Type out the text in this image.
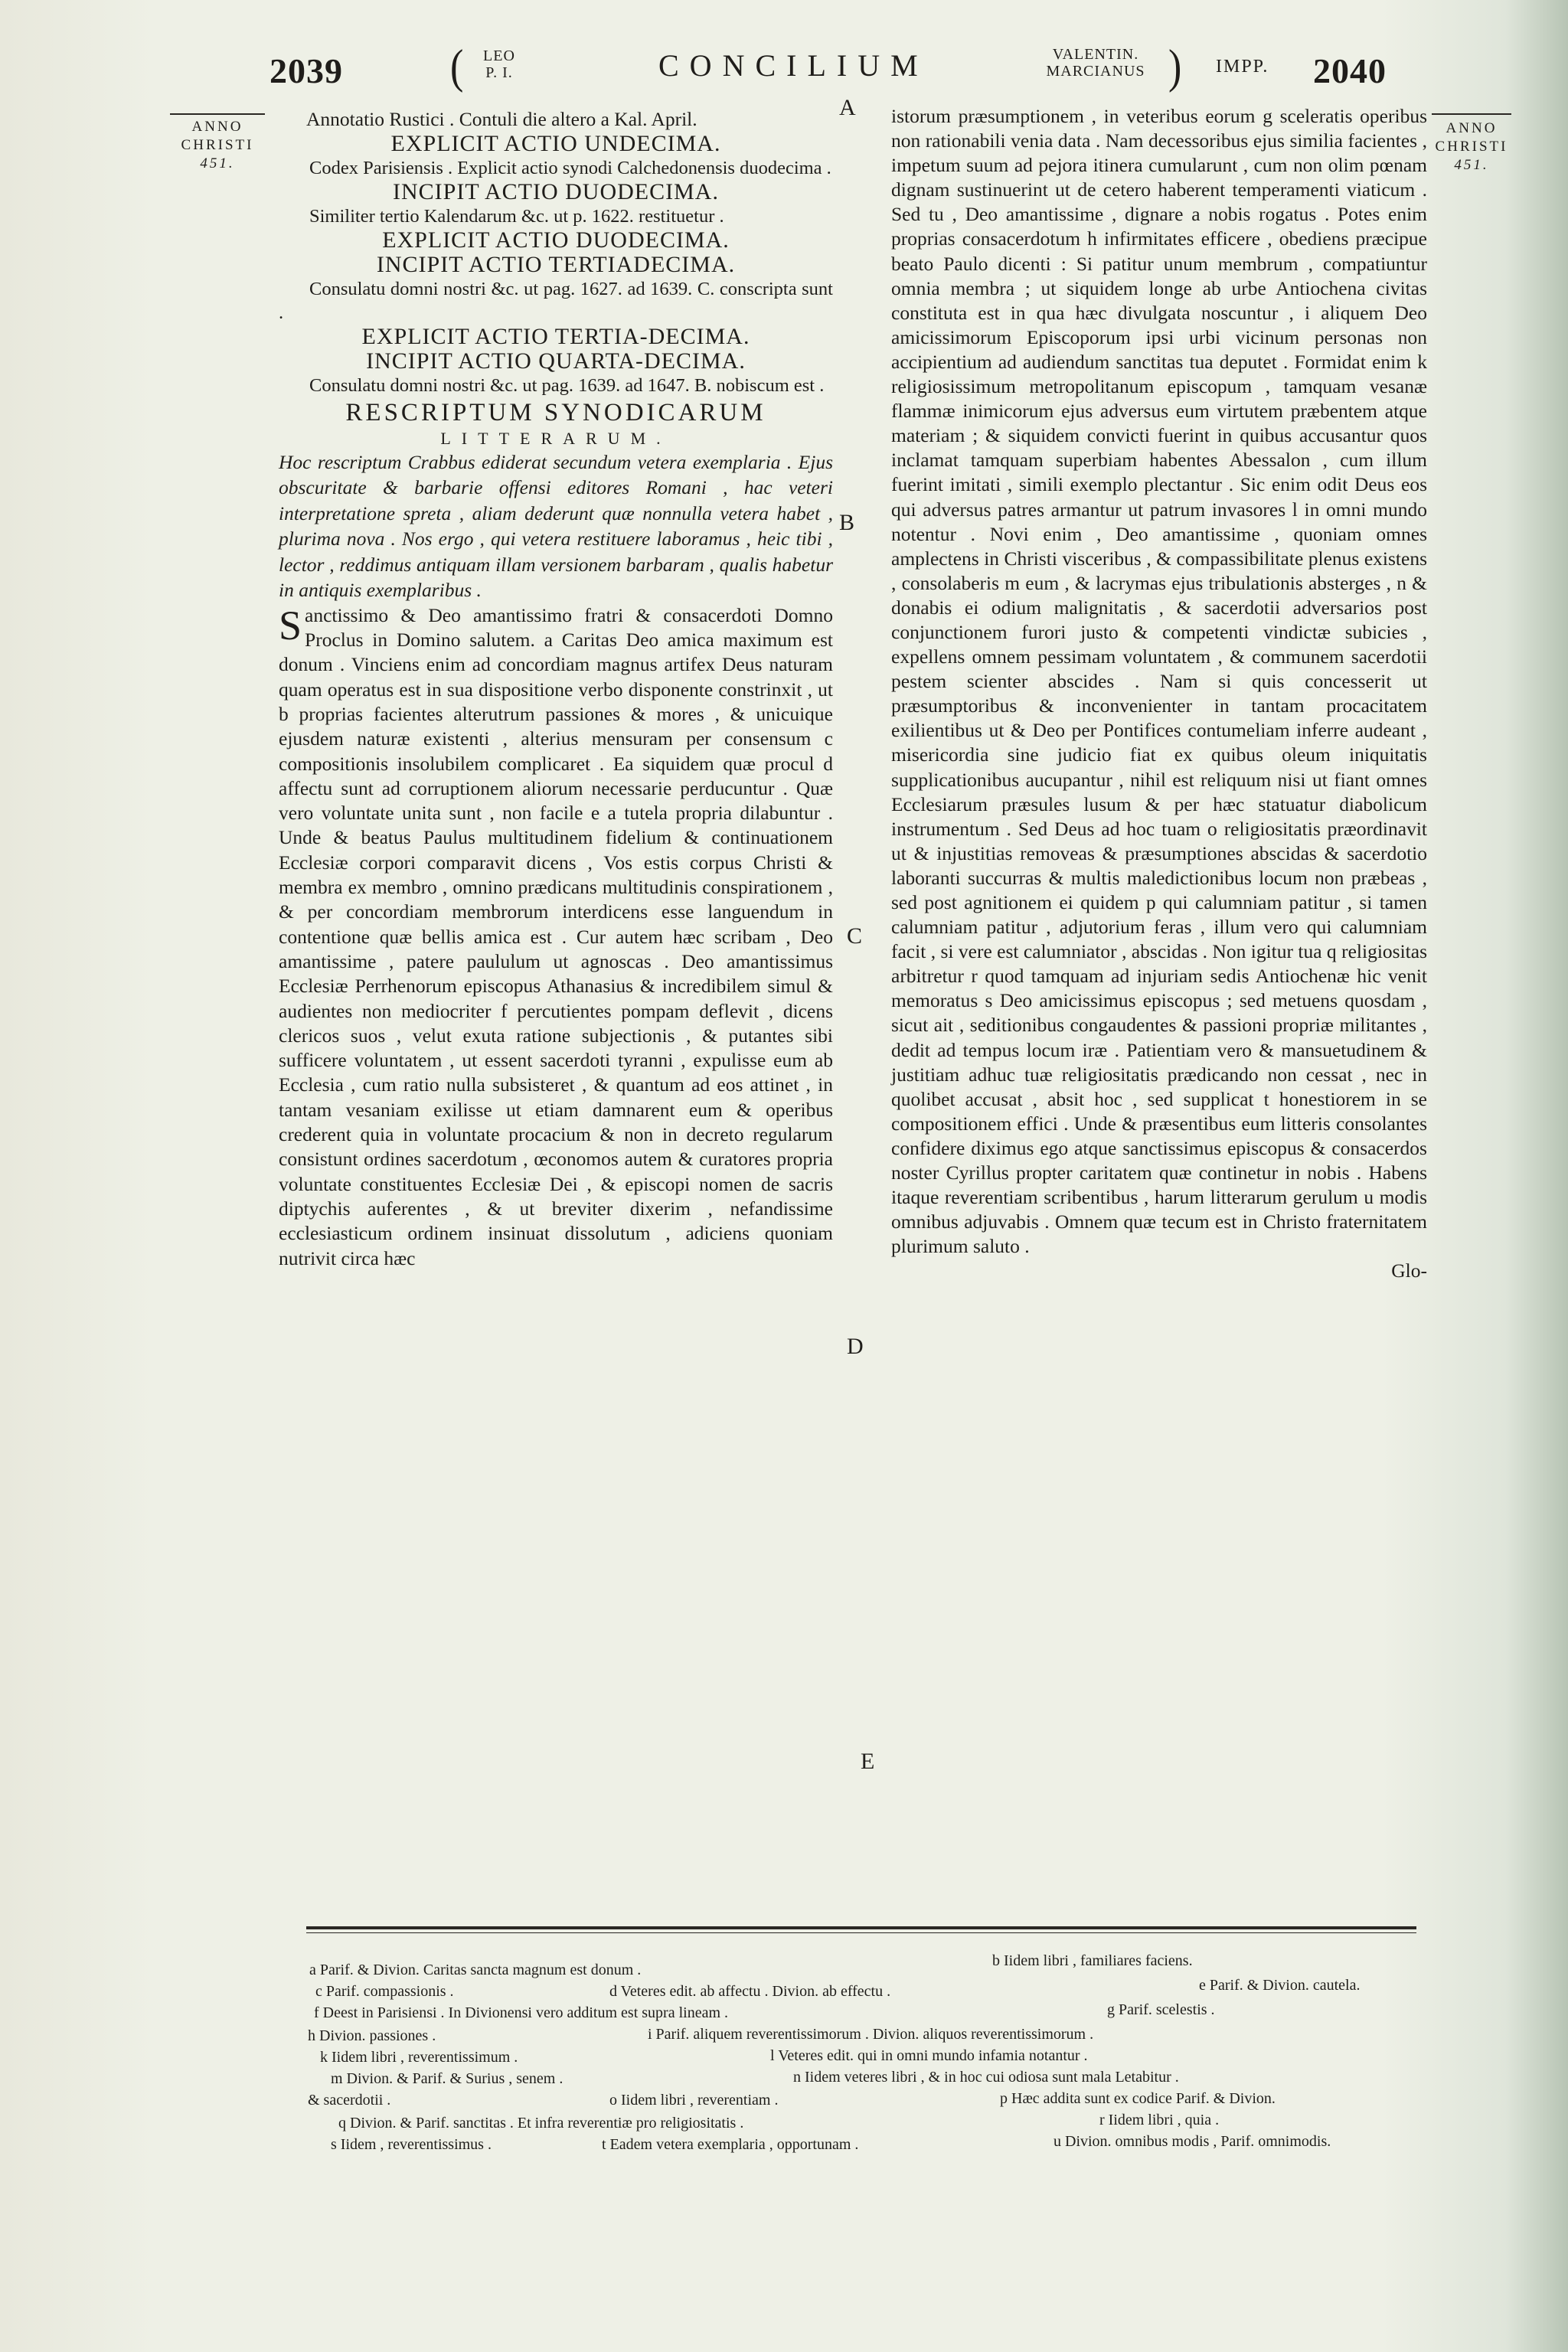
2039	LEO
P. I.
(	CONCILIUM	VALENTIN.
MARCIANUS ) IMPP. 2040
ANNO
CHRISTI
451.
ANNO
CHRISTI
451.
A
B
C
D
E

Annotatio Rustici . Contuli die altero a Kal. April.

EXPLICIT ACTIO UNDECIMA.

Codex Parisiensis . Explicit actio synodi Calchedonensis duodecima .

INCIPIT ACTIO DUODECIMA.

Similiter tertio Kalendarum &c. ut p. 1622. restituetur .

EXPLICIT ACTIO DUODECIMA.

INCIPIT ACTIO TERTIADECIMA.

Consulatu domni nostri &c. ut pag. 1627. ad 1639. C. conscripta sunt .

EXPLICIT ACTIO TERTIA-DECIMA.

INCIPIT ACTIO QUARTA-DECIMA.

Consulatu domni nostri &c. ut pag. 1639. ad 1647. B. nobiscum est .

RESCRIPTUM SYNODICARUM

LITTERARUM.

Hoc rescriptum Crabbus ediderat secundum vetera exemplaria . Ejus obscuritate & barbarie offensi editores Romani , hac veteri interpretatione spreta , aliam dederunt quæ nonnulla vetera habet , plurima nova . Nos ergo , qui vetera restituere laboramus , heic tibi , lector , reddimus antiquam illam versionem barbaram , qualis habetur in antiquis exemplaribus .

Sanctissimo & Deo amantissimo fratri & consacerdoti Domno Proclus in Domino salutem. a Caritas Deo amica maximum est donum . Vinciens enim ad concordiam magnus artifex Deus naturam quam operatus est in sua dispositione verbo disponente constrinxit , ut b proprias facientes alterutrum passiones & mores , & unicuique ejusdem naturæ existenti , alterius mensuram per consensum c compositionis insolubilem complicaret . Ea siquidem quæ procul d affectu sunt ad corruptionem aliorum necessarie perducuntur . Quæ vero voluntate unita sunt , non facile e a tutela propria dilabuntur . Unde & beatus Paulus multitudinem fidelium & continuationem Ecclesiæ corpori comparavit dicens , Vos estis corpus Christi & membra ex membro , omnino prædicans multitudinis conspirationem , & per concordiam membrorum interdicens esse languendum in contentione quæ bellis amica est . Cur autem hæc scribam , Deo amantissime , patere paululum ut agnoscas . Deo amantissimus Ecclesiæ Perrhenorum episcopus Athanasius & incredibilem simul & audientes non mediocriter f percutientes pompam deflevit , dicens clericos suos , velut exuta ratione subjectionis , & putantes sibi sufficere voluntatem , ut essent sacerdoti tyranni , expulisse eum ab Ecclesia , cum ratio nulla subsisteret , & quantum ad eos attinet , in tantam vesaniam exilisse ut etiam damnarent eum & operibus crederent quia in voluntate procacium & non in decreto regularum consistunt ordines sacerdotum , œconomos autem & curatores propria voluntate constituentes Ecclesiæ Dei , & episcopi nomen de sacris diptychis auferentes , & ut breviter dixerim , nefandissime ecclesiasticum ordinem insinuat dissolutum , adiciens quoniam nutrivit circa hæc

istorum præsumptionem , in veteribus eorum g sceleratis operibus non rationabili venia data . Nam decessoribus ejus similia facientes , impetum suum ad pejora itinera cumularunt , cum non olim pœnam dignam sustinuerint ut de cetero haberent temperamenti viaticum . Sed tu , Deo amantissime , dignare a nobis rogatus . Potes enim proprias consacerdotum h infirmitates efficere , obediens præcipue beato Paulo dicenti : Si patitur unum membrum , compatiuntur omnia membra ; ut siquidem longe ab urbe Antiochena civitas constituta est in qua hæc divulgata noscuntur , i aliquem Deo amicissimorum Episcoporum ipsi urbi vicinum personas non accipientium ad audiendum sanctitas tua deputet . Formidat enim k religiosissimum metropolitanum episcopum , tamquam vesanæ flammæ inimicorum ejus adversus eum virtutem præbentem atque materiam ; & siquidem convicti fuerint in quibus accusantur quos inclamat tamquam superbiam habentes Abessalon , cum illum fuerint imitati , simili exemplo plectantur . Sic enim odit Deus eos qui adversus patres armantur ut patrum invasores l in omni mundo notentur . Novi enim , Deo amantissime , quoniam omnes amplectens in Christi visceribus , & compassibilitate plenus existens , consolaberis m eum , & lacrymas ejus tribulationis absterges , n & donabis ei odium malignitatis , & sacerdotii adversarios post conjunctionem furori justo & competenti vindictæ subicies , expellens omnem pessimam voluntatem , & communem sacerdotii pestem scienter abscides . Nam si quis concesserit ut præsumptoribus & inconvenienter in tantam procacitatem exilientibus ut & Deo per Pontifices contumeliam inferre audeant , misericordia sine judicio fiat ex quibus oleum iniquitatis supplicationibus aucupantur , nihil est reliquum nisi ut fiant omnes Ecclesiarum præsules lusum & per hæc statuatur diabolicum instrumentum . Sed Deus ad hoc tuam o religiositatis præordinavit ut & injustitias removeas & præsumptiones abscidas & sacerdotio laboranti succurras & multis maledictionibus locum non præbeas , sed post agnitionem ei quidem p qui calumniam patitur , si tamen calumniam patitur , adjutorium feras , illum vero qui calumniam facit , si vere est calumniator , abscidas . Non igitur tua q religiositas arbitretur r quod tamquam ad injuriam sedis Antiochenæ hic venit memoratus s Deo amicissimus episcopus ; sed metuens quosdam , sicut ait , seditionibus congaudentes & passioni propriæ militantes , dedit ad tempus locum iræ . Patientiam vero & mansuetudinem & justitiam adhuc tuæ religiositatis prædicando non cessat , nec in quolibet accusat , absit hoc , sed supplicat t honestiorem in se compositionem effici . Unde & præsentibus eum litteris consolantes confidere diximus ego atque sanctissimus episcopus & consacerdos noster Cyrillus propter caritatem quæ continetur in nobis . Habens itaque reverentiam scribentibus , harum litterarum gerulum u modis omnibus adjuvabis . Omnem quæ tecum est in Christo fraternitatem plurimum saluto .

Glo-

a Parif. & Divion. Caritas sancta magnum est donum .
b Iidem libri , familiares faciens.
c Parif. compassionis .	d Veteres edit. ab affectu . Divion. ab effectu .	e Parif. & Divion. cautela.
f Deest in Parisiensi . In Divionensi vero additum est supra lineam .	g Parif. scelestis .
h Divion. passiones .	i Parif. aliquem reverentissimorum . Divion. aliquos reverentissimorum .
k Iidem libri , reverentissimum .	l Veteres edit. qui in omni mundo infamia notantur .
m Divion. & Parif. & Surius , senem .	n Iidem veteres libri , & in hoc cui odiosa sunt mala Letabitur .
& sacerdotii .	o Iidem libri , reverentiam .	p Hæc addita sunt ex codice Parif. & Divion.
q Divion. & Parif. sanctitas . Et infra reverentiæ pro religiositatis .	r Iidem libri , quia .
s Iidem , reverentissimus .	t Eadem vetera exemplaria , opportunam .	u Divion. omnibus modis , Parif. omnimodis.
